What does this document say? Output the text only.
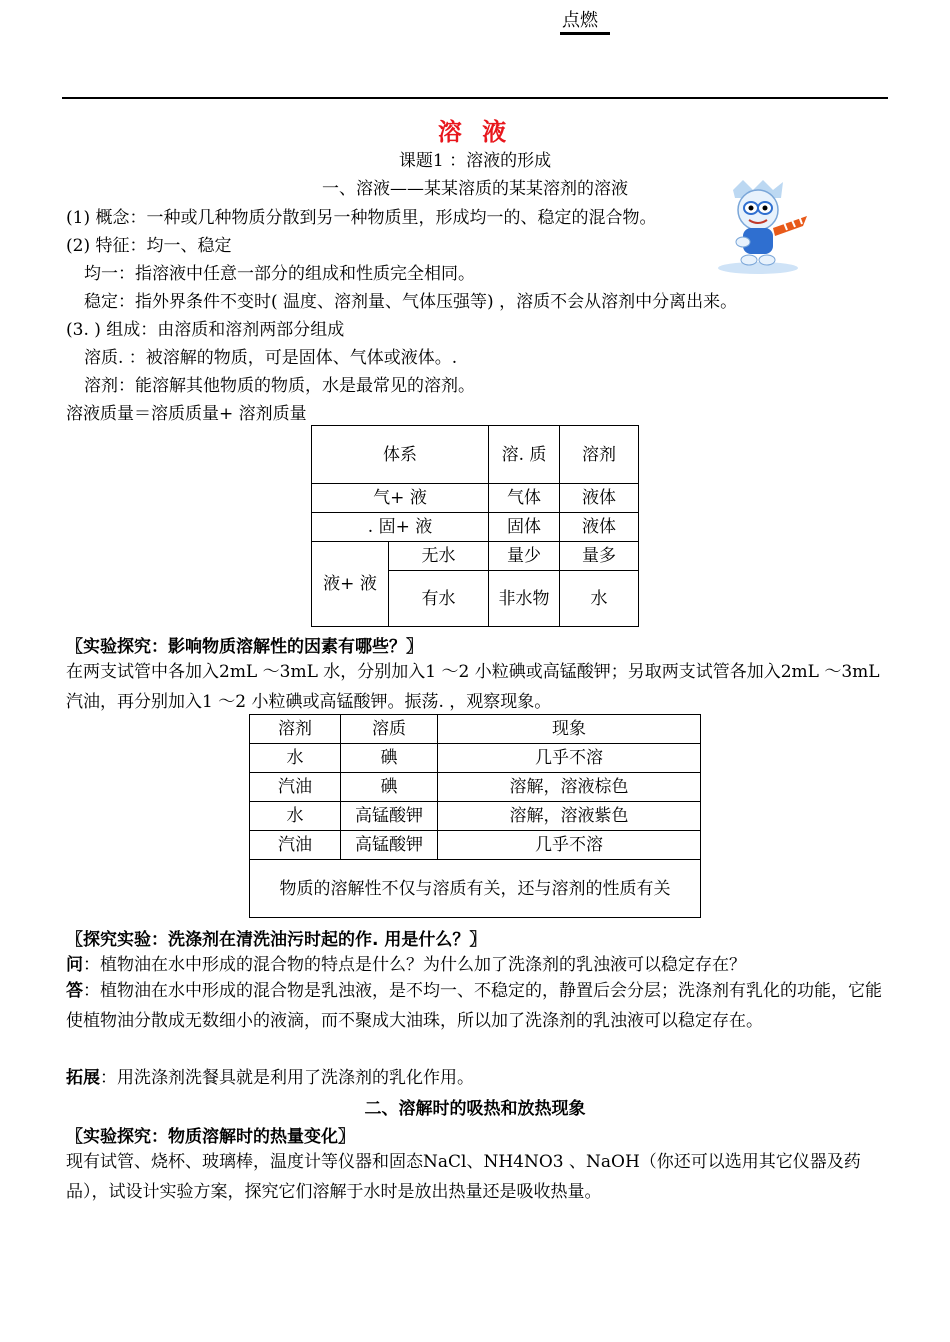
点燃
溶 液
课题1 ：溶液的形成
一、溶液——某某溶质的某某溶剂的溶液
(1) 概念：一种或几种物质分散到另一种物质里，形成均一的、稳定的混合物。
(2) 特征：均一、稳定
均一：指溶液中任意一部分的组成和性质完全相同。
稳定：指外界条件不变时( 温度、溶剂量、气体压强等) ，溶质不会从溶剂中分离出来。
(3. ) 组成：由溶质和溶剂两部分组成
溶质. ：被溶解的物质，可是固体、气体或液体。.
溶剂：能溶解其他物质的物质，水是最常见的溶剂。
溶液质量＝溶质质量+ 溶剂质量
体系		溶. 质	溶剂
气+ 液		气体	液体
. 固+ 液		固体	液体
液+ 液	无水	量少	量多
	有水	非水物	水
〖实验探究：影响物质溶解性的因素有哪些？〗
在两支试管中各加入2mL ～3mL 水，分别加入1 ～2 小粒碘或高锰酸钾；另取两支试管各加入2mL ～3mL 汽油，再分别加入1 ～2 小粒碘或高锰酸钾。振荡. ，观察现象。
溶剂	溶质	现象
水	碘	几乎不溶
汽油	碘	溶解，溶液棕色
水	高锰酸钾	溶解，溶液紫色
汽油	高锰酸钾	几乎不溶
物质的溶解性不仅与溶质有关，还与溶剂的性质有关		
〖探究实验：洗涤剂在清洗油污时起的作. 用是什么？〗
问：植物油在水中形成的混合物的特点是什么？为什么加了洗涤剂的乳浊液可以稳定存在？
答：植物油在水中形成的混合物是乳浊液，是不均一、不稳定的，静置后会分层；洗涤剂有乳化的功能，它能使植物油分散成无数细小的液滴，而不聚成大油珠，所以加了洗涤剂的乳浊液可以稳定存在。
拓展：用洗涤剂洗餐具就是利用了洗涤剂的乳化作用。
二、溶解时的吸热和放热现象
〖实验探究：物质溶解时的热量变化〗
现有试管、烧杯、玻璃棒，温度计等仪器和固态NaCl、NH4NO3 、NaOH（你还可以选用其它仪器及药品），试设计实验方案，探究它们溶解于水时是放出热量还是吸收热量。
